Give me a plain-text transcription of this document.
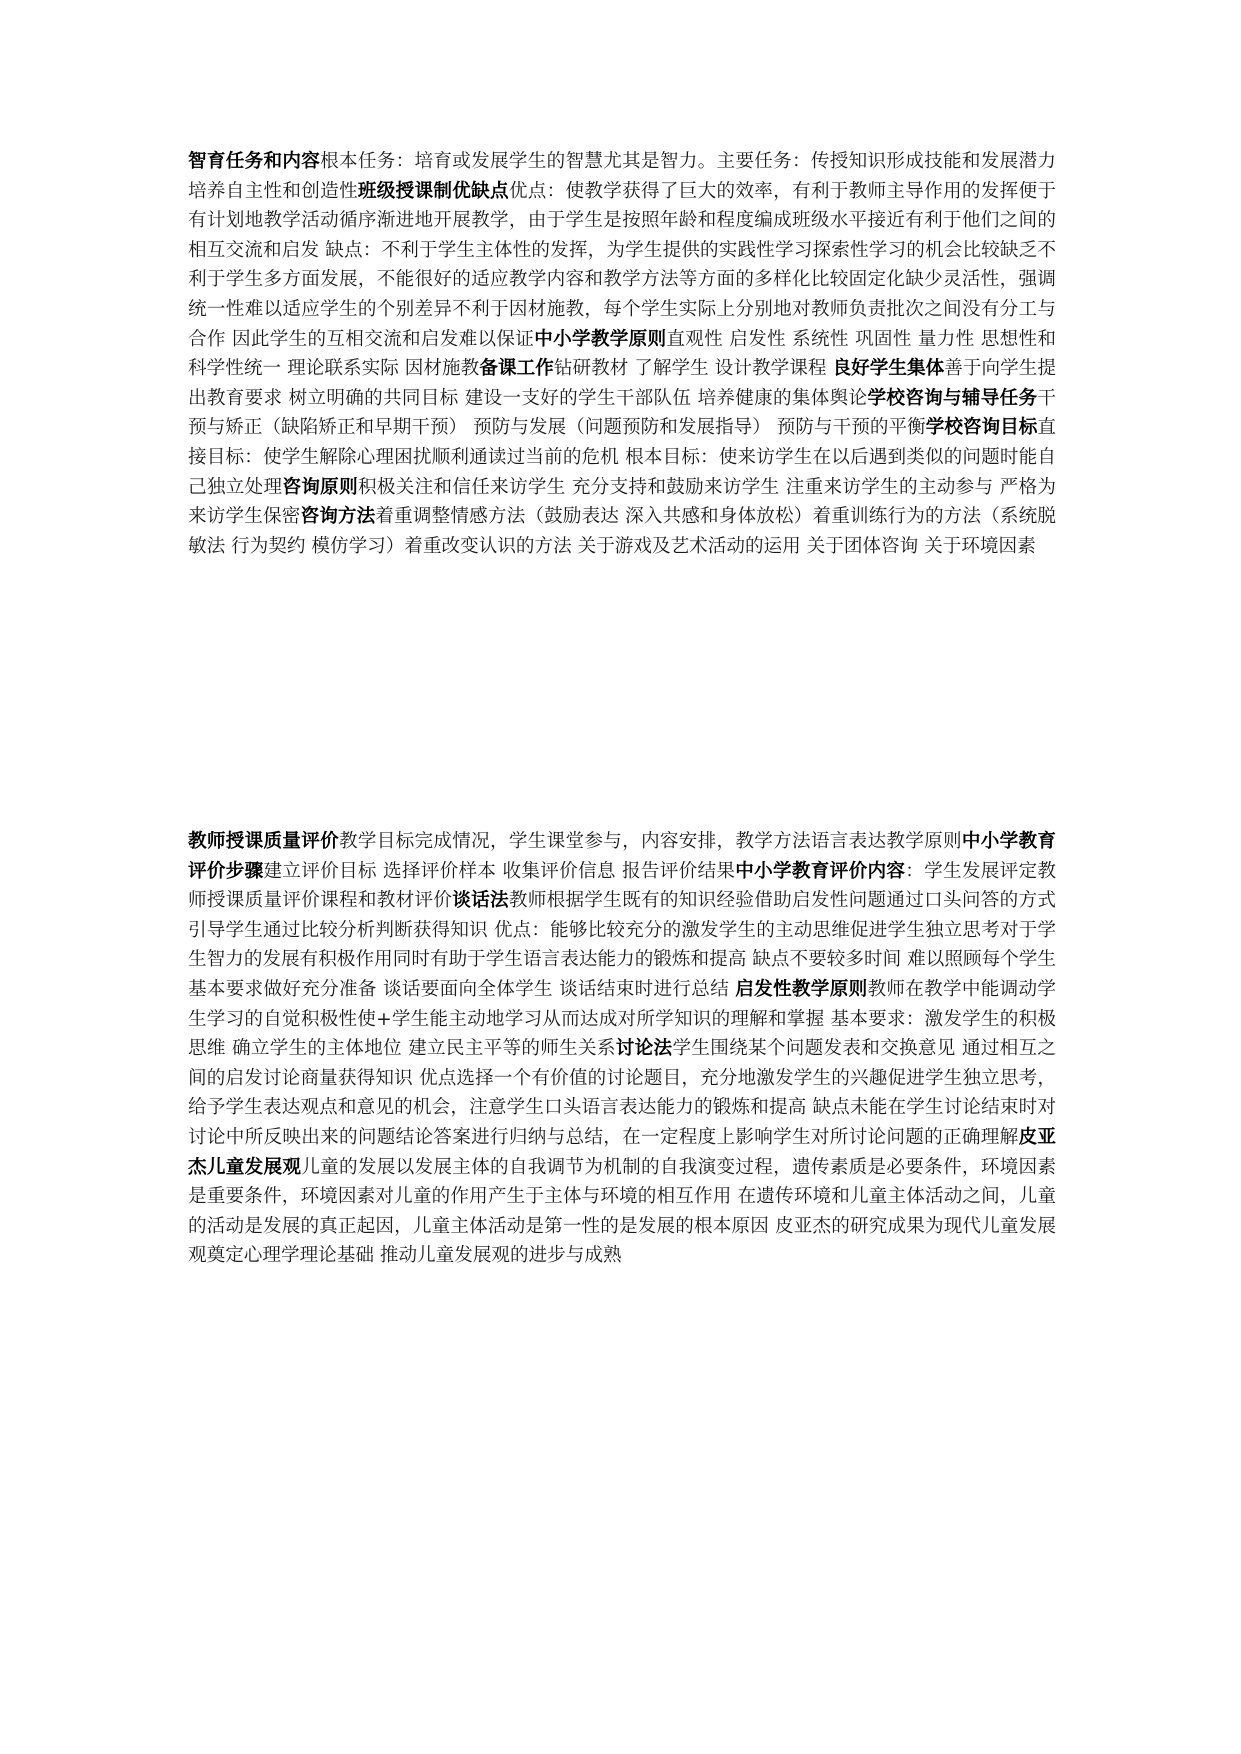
智育任务和内容根本任务：培育或发展学生的智慧尤其是智力。主要任务：传授知识形成技能和发展潜力培养自主性和创造性班级授课制优缺点优点：使教学获得了巨大的效率，有利于教师主导作用的发挥便于有计划地教学活动循序渐进地开展教学，由于学生是按照年龄和程度编成班级水平接近有利于他们之间的相互交流和启发 缺点：不利于学生主体性的发挥，为学生提供的实践性学习探索性学习的机会比较缺乏不利于学生多方面发展，不能很好的适应教学内容和教学方法等方面的多样化比较固定化缺少灵活性，强调统一性难以适应学生的个别差异不利于因材施教，每个学生实际上分别地对教师负责批次之间没有分工与合作 因此学生的互相交流和启发难以保证中小学教学原则直观性 启发性 系统性 巩固性 量力性 思想性和科学性统一 理论联系实际 因材施教备课工作钻研教材 了解学生 设计教学课程 良好学生集体善于向学生提出教育要求 树立明确的共同目标 建设一支好的学生干部队伍 培养健康的集体舆论学校咨询与辅导任务干预与矫正（缺陷矫正和早期干预） 预防与发展（问题预防和发展指导） 预防与干预的平衡学校咨询目标直接目标：使学生解除心理困扰顺利通读过当前的危机 根本目标：使来访学生在以后遇到类似的问题时能自己独立处理咨询原则积极关注和信任来访学生 充分支持和鼓励来访学生 注重来访学生的主动参与 严格为来访学生保密咨询方法着重调整情感方法（鼓励表达 深入共感和身体放松）着重训练行为的方法（系统脱敏法 行为契约 模仿学习）着重改变认识的方法 关于游戏及艺术活动的运用 关于团体咨询 关于环境因素

教师授课质量评价教学目标完成情况，学生课堂参与，内容安排，教学方法语言表达教学原则中小学教育评价步骤建立评价目标 选择评价样本 收集评价信息 报告评价结果中小学教育评价内容：学生发展评定教师授课质量评价课程和教材评价谈话法教师根据学生既有的知识经验借助启发性问题通过口头问答的方式引导学生通过比较分析判断获得知识 优点：能够比较充分的激发学生的主动思维促进学生独立思考对于学生智力的发展有积极作用同时有助于学生语言表达能力的锻炼和提高 缺点不要较多时间 难以照顾每个学生 基本要求做好充分准备 谈话要面向全体学生 谈话结束时进行总结 启发性教学原则教师在教学中能调动学生学习的自觉积极性使+学生能主动地学习从而达成对所学知识的理解和掌握 基本要求：激发学生的积极思维 确立学生的主体地位 建立民主平等的师生关系讨论法学生围绕某个问题发表和交换意见 通过相互之间的启发讨论商量获得知识 优点选择一个有价值的讨论题目，充分地激发学生的兴趣促进学生独立思考，给予学生表达观点和意见的机会，注意学生口头语言表达能力的锻炼和提高 缺点未能在学生讨论结束时对讨论中所反映出来的问题结论答案进行归纳与总结，在一定程度上影响学生对所讨论问题的正确理解皮亚杰儿童发展观儿童的发展以发展主体的自我调节为机制的自我演变过程，遗传素质是必要条件，环境因素是重要条件，环境因素对儿童的作用产生于主体与环境的相互作用 在遗传环境和儿童主体活动之间，儿童的活动是发展的真正起因，儿童主体活动是第一性的是发展的根本原因 皮亚杰的研究成果为现代儿童发展观奠定心理学理论基础 推动儿童发展观的进步与成熟
